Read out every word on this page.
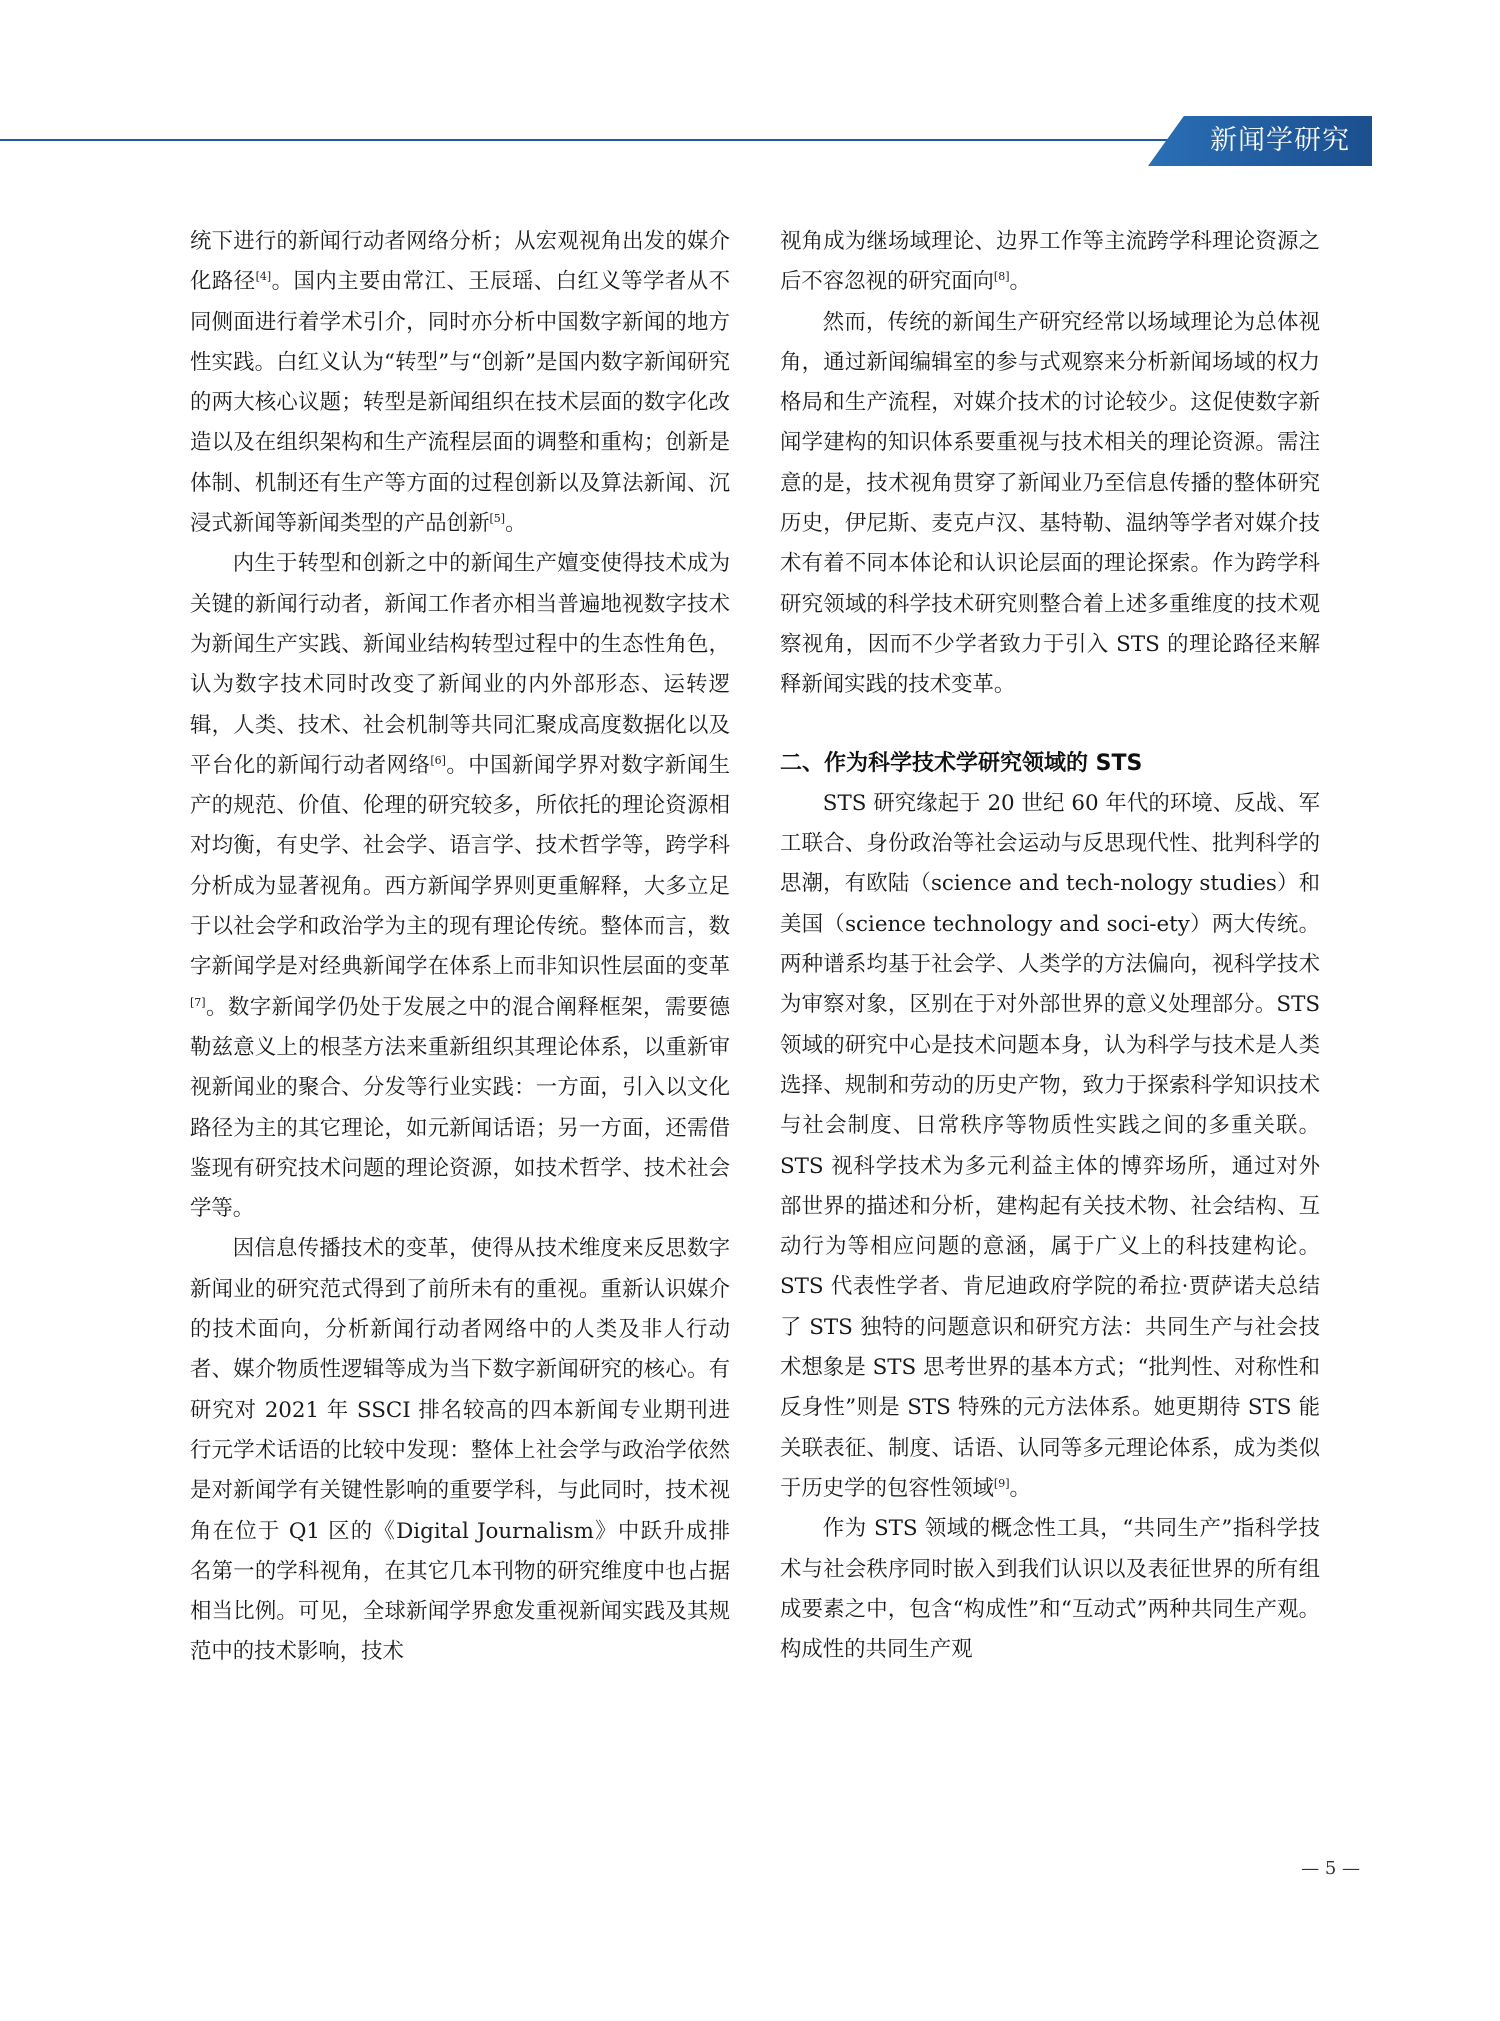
新闻学研究

统下进行的新闻行动者网络分析；从宏观视角出发的媒介化路径[4]。国内主要由常江、王辰瑶、白红义等学者从不同侧面进行着学术引介，同时亦分析中国数字新闻的地方性实践。白红义认为“转型”与“创新”是国内数字新闻研究的两大核心议题；转型是新闻组织在技术层面的数字化改造以及在组织架构和生产流程层面的调整和重构；创新是体制、机制还有生产等方面的过程创新以及算法新闻、沉浸式新闻等新闻类型的产品创新[5]。

内生于转型和创新之中的新闻生产嬗变使得技术成为关键的新闻行动者，新闻工作者亦相当普遍地视数字技术为新闻生产实践、新闻业结构转型过程中的生态性角色，认为数字技术同时改变了新闻业的内外部形态、运转逻辑，人类、技术、社会机制等共同汇聚成高度数据化以及平台化的新闻行动者网络[6]。中国新闻学界对数字新闻生产的规范、价值、伦理的研究较多，所依托的理论资源相对均衡，有史学、社会学、语言学、技术哲学等，跨学科分析成为显著视角。西方新闻学界则更重解释，大多立足于以社会学和政治学为主的现有理论传统。整体而言，数字新闻学是对经典新闻学在体系上而非知识性层面的变革[7]。数字新闻学仍处于发展之中的混合阐释框架，需要德勒兹意义上的根茎方法来重新组织其理论体系，以重新审视新闻业的聚合、分发等行业实践：一方面，引入以文化路径为主的其它理论，如元新闻话语；另一方面，还需借鉴现有研究技术问题的理论资源，如技术哲学、技术社会学等。

因信息传播技术的变革，使得从技术维度来反思数字新闻业的研究范式得到了前所未有的重视。重新认识媒介的技术面向，分析新闻行动者网络中的人类及非人行动者、媒介物质性逻辑等成为当下数字新闻研究的核心。有研究对 2021 年 SSCI 排名较高的四本新闻专业期刊进行元学术话语的比较中发现：整体上社会学与政治学依然是对新闻学有关键性影响的重要学科，与此同时，技术视角在位于 Q1 区的《Digital Journalism》中跃升成排名第一的学科视角，在其它几本刊物的研究维度中也占据相当比例。可见，全球新闻学界愈发重视新闻实践及其规范中的技术影响，技术

视角成为继场域理论、边界工作等主流跨学科理论资源之后不容忽视的研究面向[8]。

然而，传统的新闻生产研究经常以场域理论为总体视角，通过新闻编辑室的参与式观察来分析新闻场域的权力格局和生产流程，对媒介技术的讨论较少。这促使数字新闻学建构的知识体系要重视与技术相关的理论资源。需注意的是，技术视角贯穿了新闻业乃至信息传播的整体研究历史，伊尼斯、麦克卢汉、基特勒、温纳等学者对媒介技术有着不同本体论和认识论层面的理论探索。作为跨学科研究领域的科学技术研究则整合着上述多重维度的技术观察视角，因而不少学者致力于引入 STS 的理论路径来解释新闻实践的技术变革。

二、作为科学技术学研究领域的 STS

STS 研究缘起于 20 世纪 60 年代的环境、反战、军工联合、身份政治等社会运动与反思现代性、批判科学的思潮，有欧陆（science and tech-nology studies）和美国（science technology and soci-ety）两大传统。两种谱系均基于社会学、人类学的方法偏向，视科学技术为审察对象，区别在于对外部世界的意义处理部分。STS 领域的研究中心是技术问题本身，认为科学与技术是人类选择、规制和劳动的历史产物，致力于探索科学知识技术与社会制度、日常秩序等物质性实践之间的多重关联。STS 视科学技术为多元利益主体的博弈场所，通过对外部世界的描述和分析，建构起有关技术物、社会结构、互动行为等相应问题的意涵，属于广义上的科技建构论。STS 代表性学者、肯尼迪政府学院的希拉·贾萨诺夫总结了 STS 独特的问题意识和研究方法：共同生产与社会技术想象是 STS 思考世界的基本方式；“批判性、对称性和反身性”则是 STS 特殊的元方法体系。她更期待 STS 能关联表征、制度、话语、认同等多元理论体系，成为类似于历史学的包容性领域[9]。

作为 STS 领域的概念性工具，“共同生产”指科学技术与社会秩序同时嵌入到我们认识以及表征世界的所有组成要素之中，包含“构成性”和“互动式”两种共同生产观。构成性的共同生产观

— 5 —
